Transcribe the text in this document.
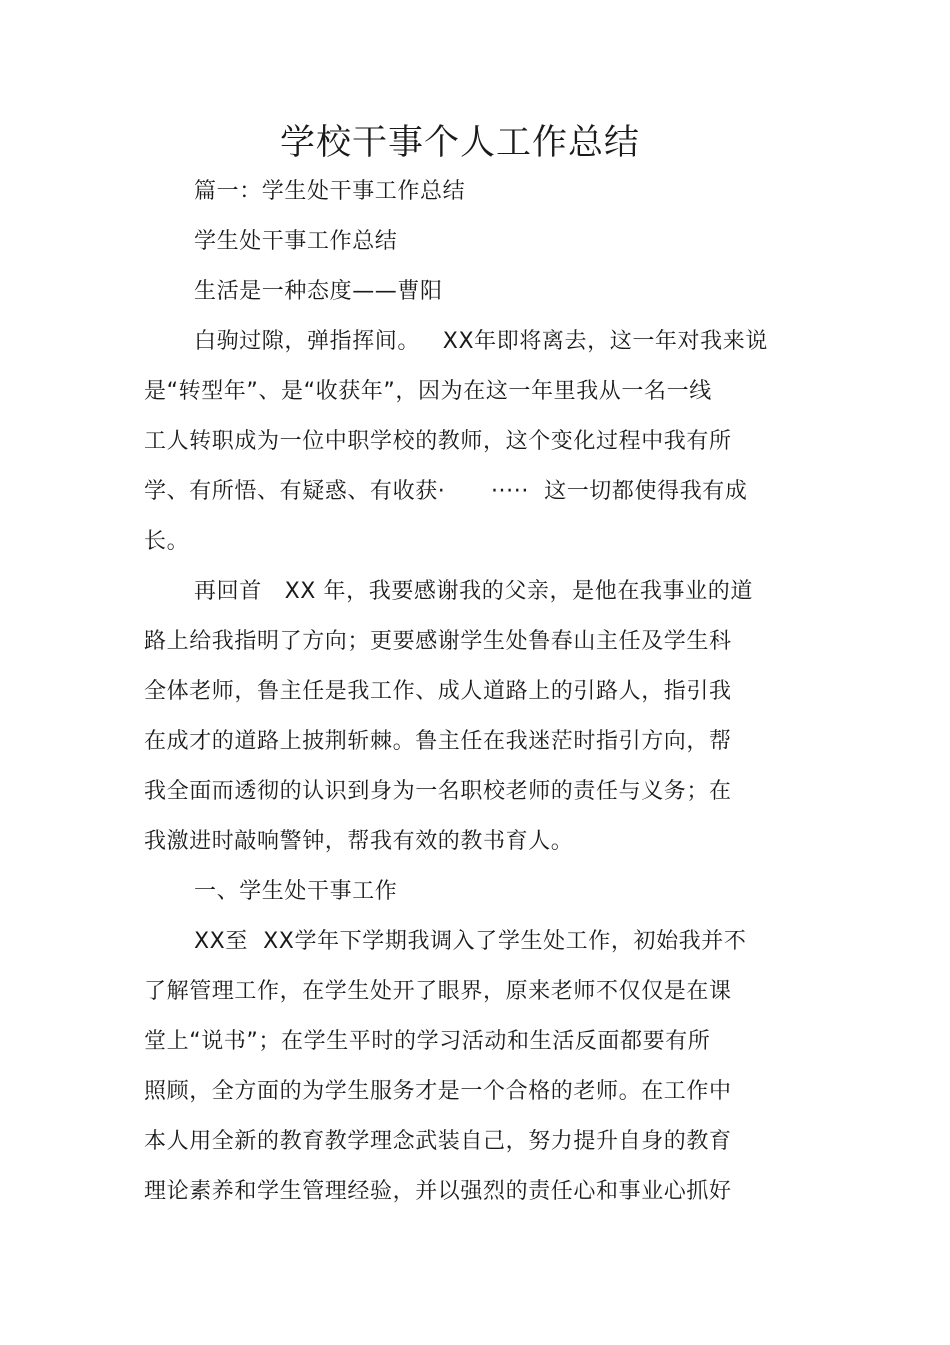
学校干事个人工作总结
篇一：学生处干事工作总结
学生处干事工作总结
生活是一种态度——曹阳
白驹过隙，弹指挥间。   XX年即将离去，这一年对我来说
是“转型年”、是“收获年”，因为在这一年里我从一名一线
工人转职成为一位中职学校的教师，这个变化过程中我有所
学、有所悟、有疑惑、有收获·      ·····  这一切都使得我有成
长。
再回首   XX 年，我要感谢我的父亲，是他在我事业的道
路上给我指明了方向；更要感谢学生处鲁春山主任及学生科
全体老师，鲁主任是我工作、成人道路上的引路人，指引我
在成才的道路上披荆斩棘。鲁主任在我迷茫时指引方向，帮
我全面而透彻的认识到身为一名职校老师的责任与义务；在
我激进时敲响警钟，帮我有效的教书育人。
一、学生处干事工作
XX至  XX学年下学期我调入了学生处工作，初始我并不
了解管理工作，在学生处开了眼界，原来老师不仅仅是在课
堂上“说书”；在学生平时的学习活动和生活反面都要有所
照顾，全方面的为学生服务才是一个合格的老师。在工作中
本人用全新的教育教学理念武装自己，努力提升自身的教育
理论素养和学生管理经验，并以强烈的责任心和事业心抓好
